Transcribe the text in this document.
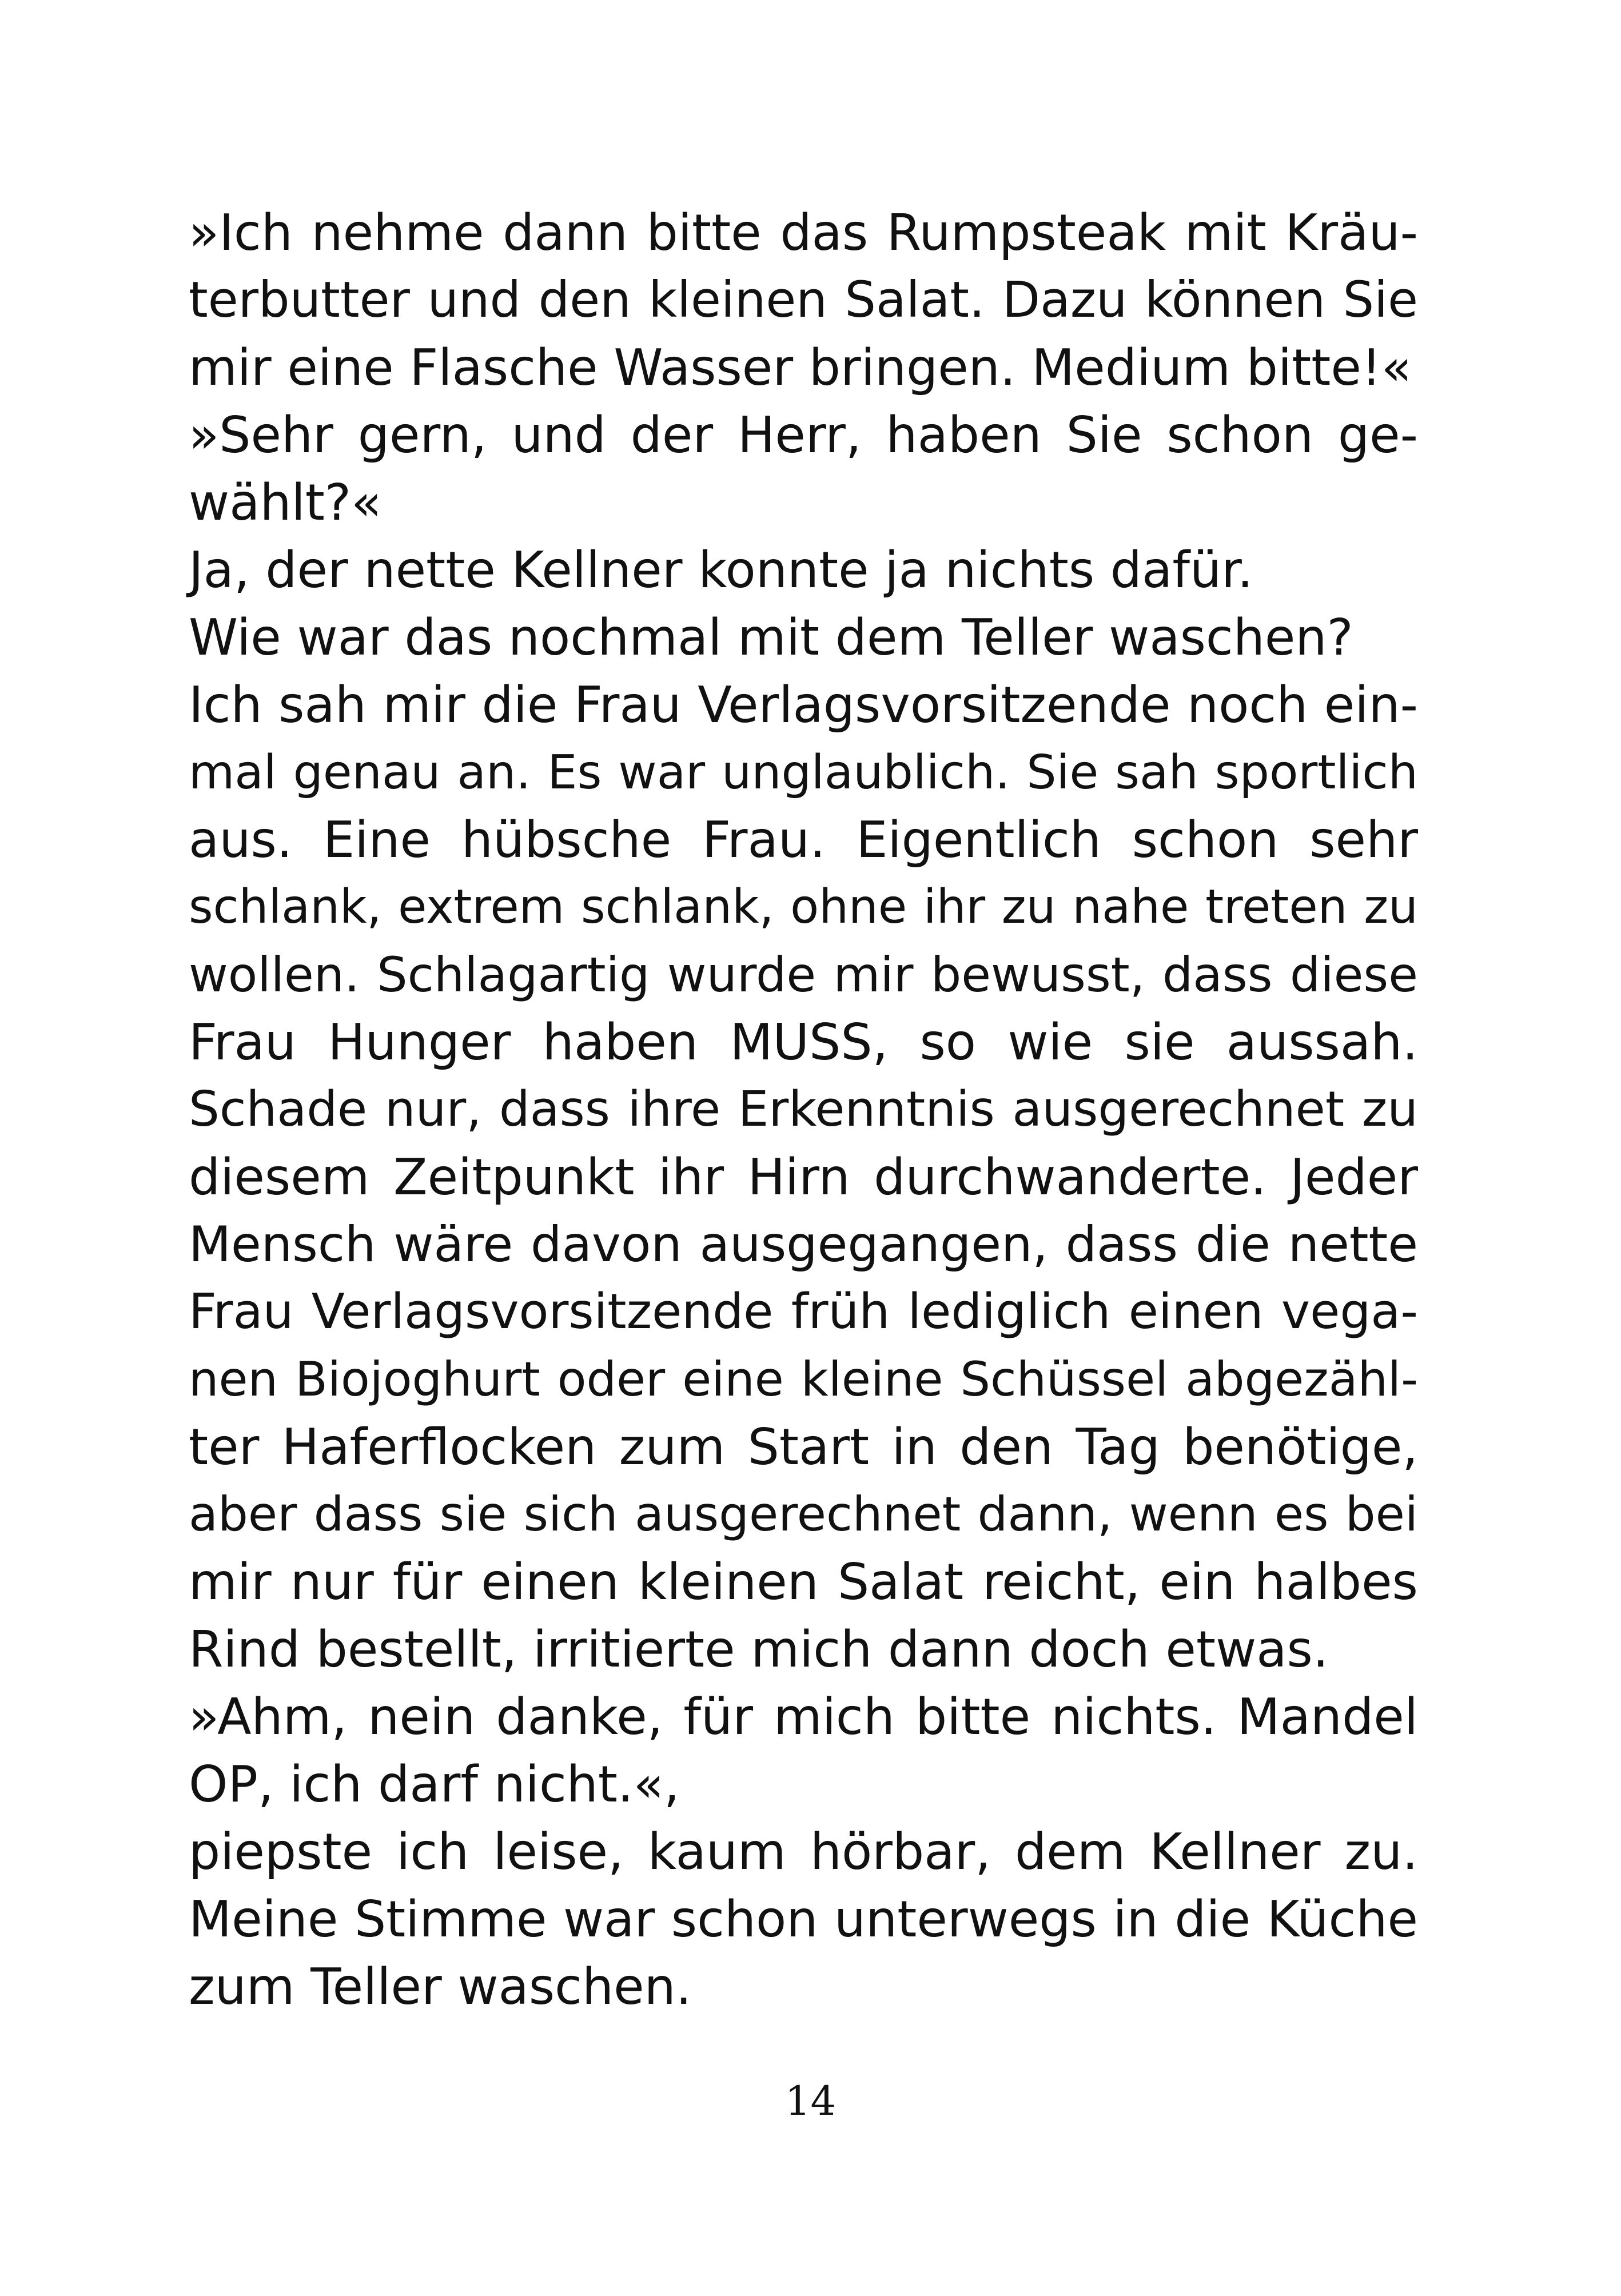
»Ich nehme dann bitte das Rumpsteak mit Kräu-
terbutter und den kleinen Salat. Dazu können Sie
mir eine Flasche Wasser bringen. Medium bitte!«
»Sehr gern, und der Herr, haben Sie schon ge-
wählt?«
Ja, der nette Kellner konnte ja nichts dafür.
Wie war das nochmal mit dem Teller waschen?
Ich sah mir die Frau Verlagsvorsitzende noch ein-
mal genau an. Es war unglaublich. Sie sah sportlich
aus. Eine hübsche Frau. Eigentlich schon sehr
schlank, extrem schlank, ohne ihr zu nahe treten zu
wollen. Schlagartig wurde mir bewusst, dass diese
Frau Hunger haben MUSS, so wie sie aussah.
Schade nur, dass ihre Erkenntnis ausgerechnet zu
diesem Zeitpunkt ihr Hirn durchwanderte. Jeder
Mensch wäre davon ausgegangen, dass die nette
Frau Verlagsvorsitzende früh lediglich einen vega-
nen Biojoghurt oder eine kleine Schüssel abgezähl-
ter Haferflocken zum Start in den Tag benötige,
aber dass sie sich ausgerechnet dann, wenn es bei
mir nur für einen kleinen Salat reicht, ein halbes
Rind bestellt, irritierte mich dann doch etwas.
»Ahm, nein danke, für mich bitte nichts. Mandel
OP, ich darf nicht.«,
piepste ich leise, kaum hörbar, dem Kellner zu.
Meine Stimme war schon unterwegs in die Küche
zum Teller waschen.
14
